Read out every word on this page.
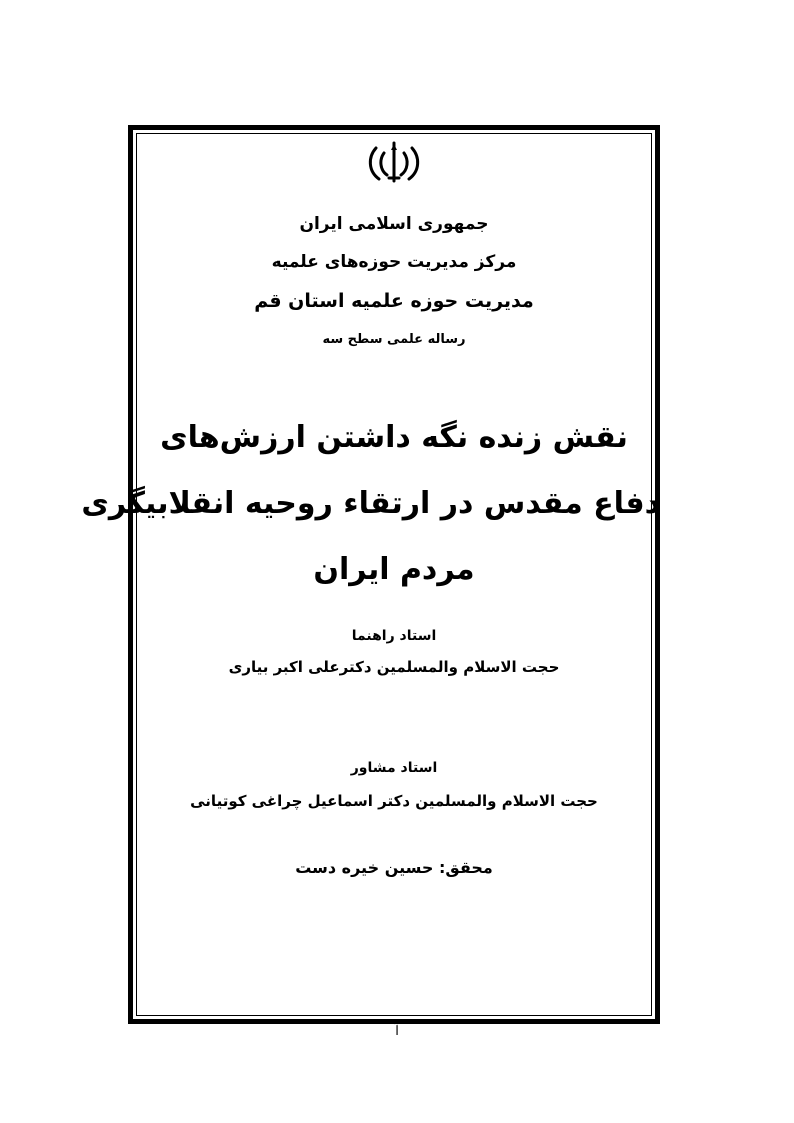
جمهوری اسلامی ایران
مرکز مدیریت حوزه‌های علمیه
مدیریت حوزه علمیه استان قم
رساله علمی سطح سه
نقش زنده نگه داشتن ارزش‌های
دفاع مقدس در ارتقاء روحیه انقلابیگری
مردم ایران
استاد راهنما
حجت الاسلام والمسلمین دکترعلی اکبر بیاری
استاد مشاور
حجت الاسلام والمسلمین دکتر اسماعیل چراغی کوتیانی
محقق: حسین خیره دست
آ
